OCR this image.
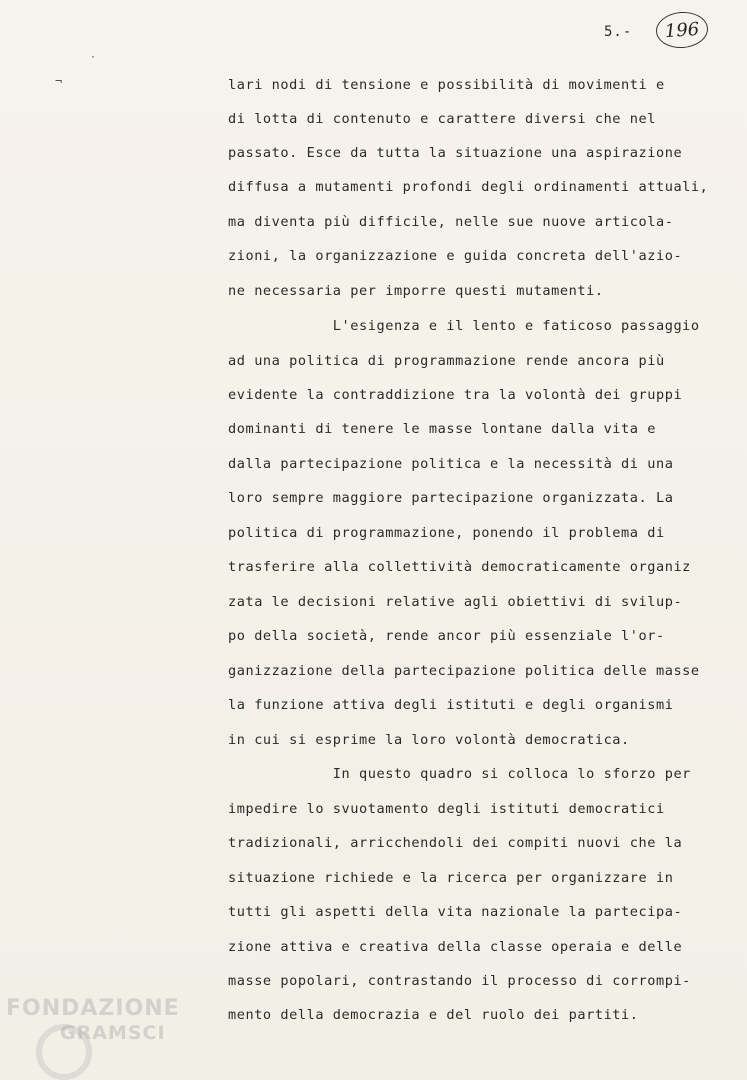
5.-	196
¬
·
lari nodi di tensione e possibilità di movimenti e
di lotta di contenuto e carattere diversi che nel
passato. Esce da tutta la situazione una aspirazione
diffusa a mutamenti profondi degli ordinamenti attuali,
ma diventa più difficile, nelle sue nuove articola-
zioni, la organizzazione e guida concreta dell'azio-
ne necessaria per imporre questi mutamenti.
L'esigenza e il lento e faticoso passaggio
ad una politica di programmazione rende ancora più
evidente la contraddizione tra la volontà dei gruppi
dominanti di tenere le masse lontane dalla vita e
dalla partecipazione politica e la necessità di una
loro sempre maggiore partecipazione organizzata. La
politica di programmazione, ponendo il problema di
trasferire alla collettività democraticamente organiz
zata le decisioni relative agli obiettivi di svilup-
po della società, rende ancor più essenziale l'or-
ganizzazione della partecipazione politica delle masse
la funzione attiva degli istituti e degli organismi
in cui si esprime la loro volontà democratica.
In questo quadro si colloca lo sforzo per
impedire lo svuotamento degli istituti democratici
tradizionali, arricchendoli dei compiti nuovi che la
situazione richiede e la ricerca per organizzare in
tutti gli aspetti della vita nazionale la partecipa-
zione attiva e creativa della classe operaia e delle
masse popolari, contrastando il processo di corrompi-
mento della democrazia e del ruolo dei partiti.
FONDAZIONE
GRAMSCI
